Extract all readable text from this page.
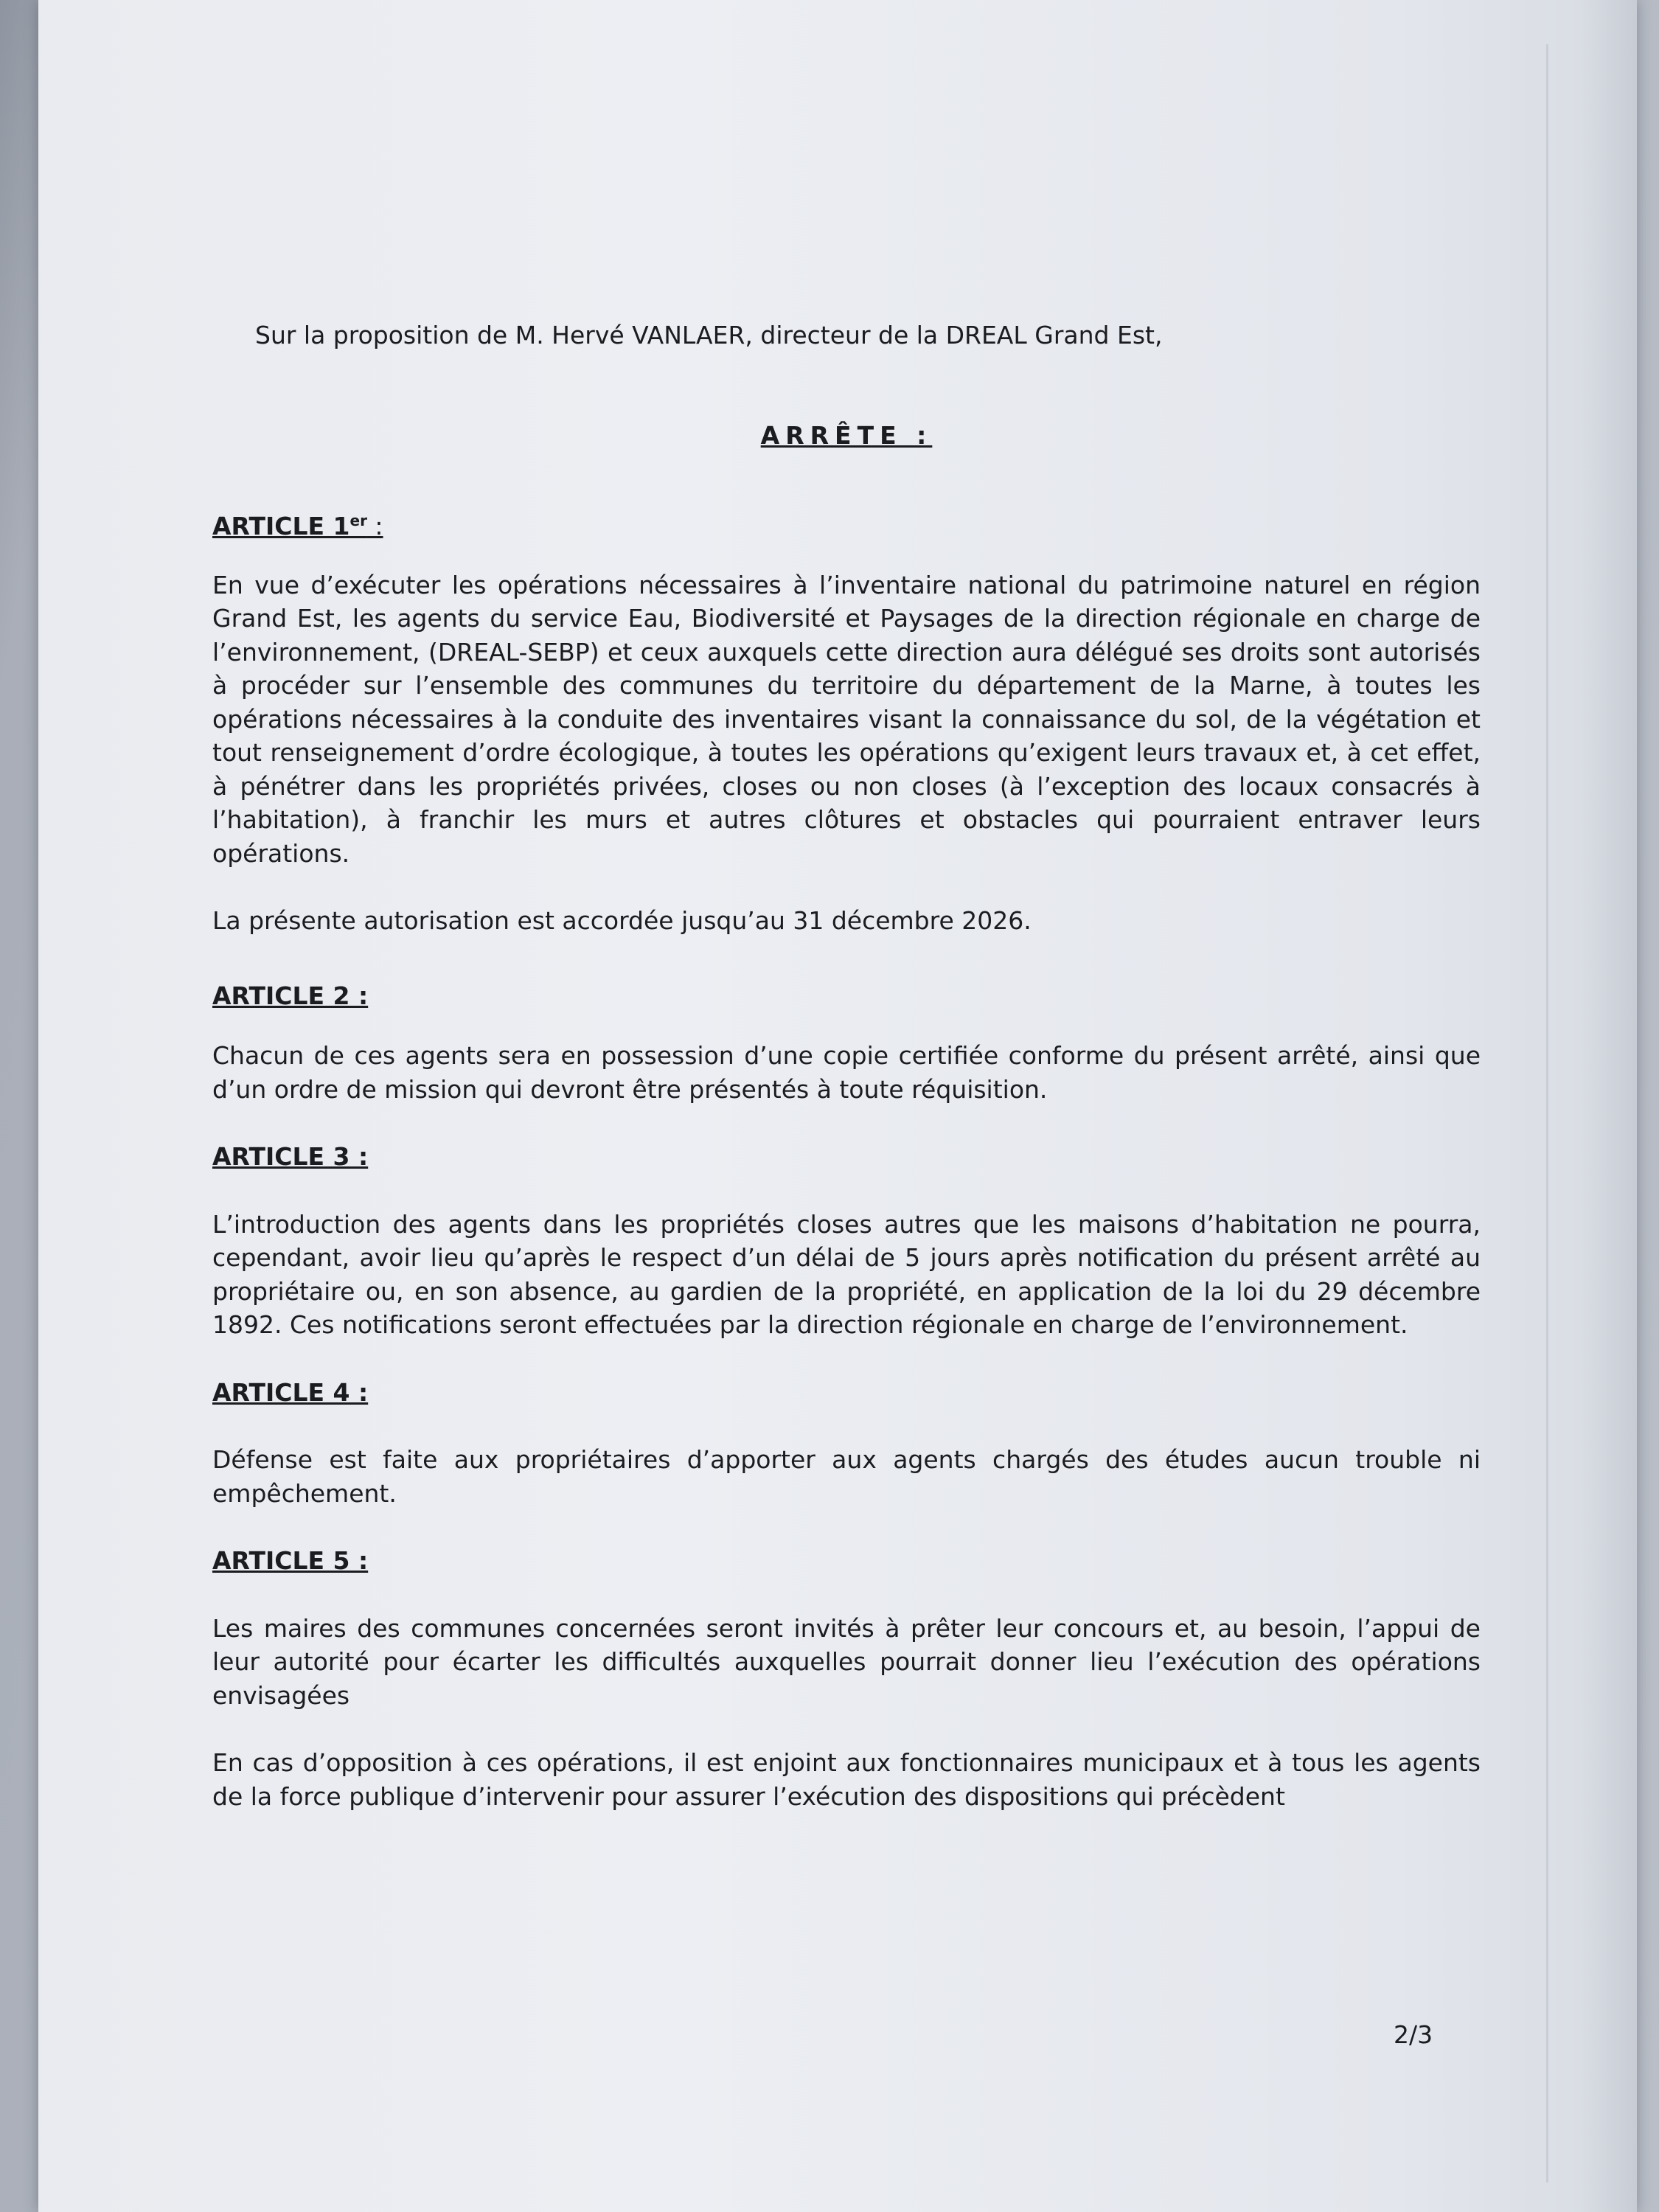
Sur la proposition de M. Hervé VANLAER, directeur de la DREAL Grand Est,

ARRÊTE :

ARTICLE 1er :

En vue d’exécuter les opérations nécessaires à l’inventaire national du patrimoine naturel en région Grand Est, les agents du service Eau, Biodiversité et Paysages de la direction régionale en charge de l’environnement, (DREAL-SEBP) et ceux auxquels cette direction aura délégué ses droits sont autorisés à procéder sur l’ensemble des communes du territoire du département de la Marne, à toutes les opérations nécessaires à la conduite des inventaires visant la connaissance du sol, de la végétation et tout renseignement d’ordre écologique, à toutes les opérations qu’exigent leurs travaux et, à cet effet, à pénétrer dans les propriétés privées, closes ou non closes (à l’exception des locaux consacrés à l’habitation), à franchir les murs et autres clôtures et obstacles qui pourraient entraver leurs opérations.

La présente autorisation est accordée jusqu’au 31 décembre 2026.

ARTICLE 2 :

Chacun de ces agents sera en possession d’une copie certifiée conforme du présent arrêté, ainsi que d’un ordre de mission qui devront être présentés à toute réquisition.

ARTICLE 3 :

L’introduction des agents dans les propriétés closes autres que les maisons d’habitation ne pourra, cependant, avoir lieu qu’après le respect d’un délai de 5 jours après notification du présent arrêté au propriétaire ou, en son absence, au gardien de la propriété, en application de la loi du 29 décembre 1892. Ces notifications seront effectuées par la direction régionale en charge de l’environnement.

ARTICLE 4 :

Défense est faite aux propriétaires d’apporter aux agents chargés des études aucun trouble ni empêchement.

ARTICLE 5 :

Les maires des communes concernées seront invités à prêter leur concours et, au besoin, l’appui de leur autorité pour écarter les difficultés auxquelles pourrait donner lieu l’exécution des opérations envisagées

En cas d’opposition à ces opérations, il est enjoint aux fonctionnaires municipaux et à tous les agents de la force publique d’intervenir pour assurer l’exécution des dispositions qui précèdent

2/3
